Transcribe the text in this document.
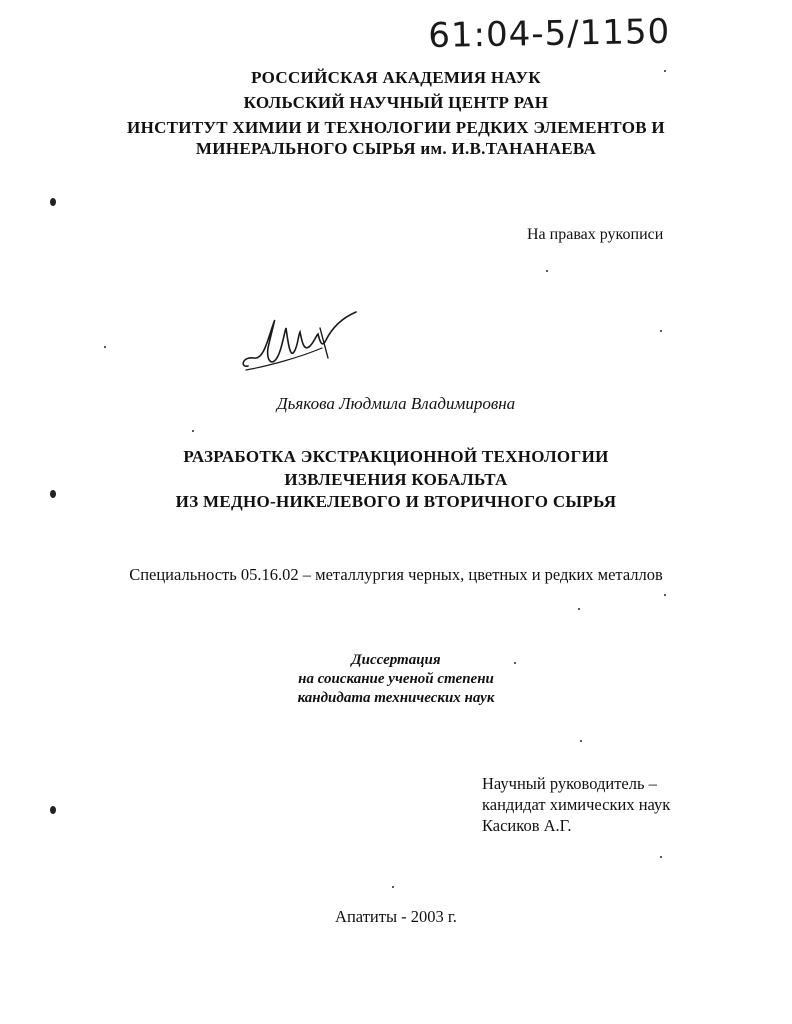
61:04-5/1150
РОССИЙСКАЯ АКАДЕМИЯ НАУК
КОЛЬСКИЙ НАУЧНЫЙ ЦЕНТР РАН
ИНСТИТУТ ХИМИИ И ТЕХНОЛОГИИ РЕДКИХ ЭЛЕМЕНТОВ И
МИНЕРАЛЬНОГО СЫРЬЯ им. И.В.ТАНАНАЕВА
На правах рукописи
Дьякова Людмила Владимировна
РАЗРАБОТКА ЭКСТРАКЦИОННОЙ ТЕХНОЛОГИИ
ИЗВЛЕЧЕНИЯ КОБАЛЬТА
ИЗ МЕДНО-НИКЕЛЕВОГО И ВТОРИЧНОГО СЫРЬЯ
Специальность 05.16.02 – металлургия черных, цветных и редких металлов
Диссертация
на соискание ученой степени
кандидата технических наук
Научный руководитель –
кандидат химических наук
Касиков А.Г.
Апатиты - 2003 г.
